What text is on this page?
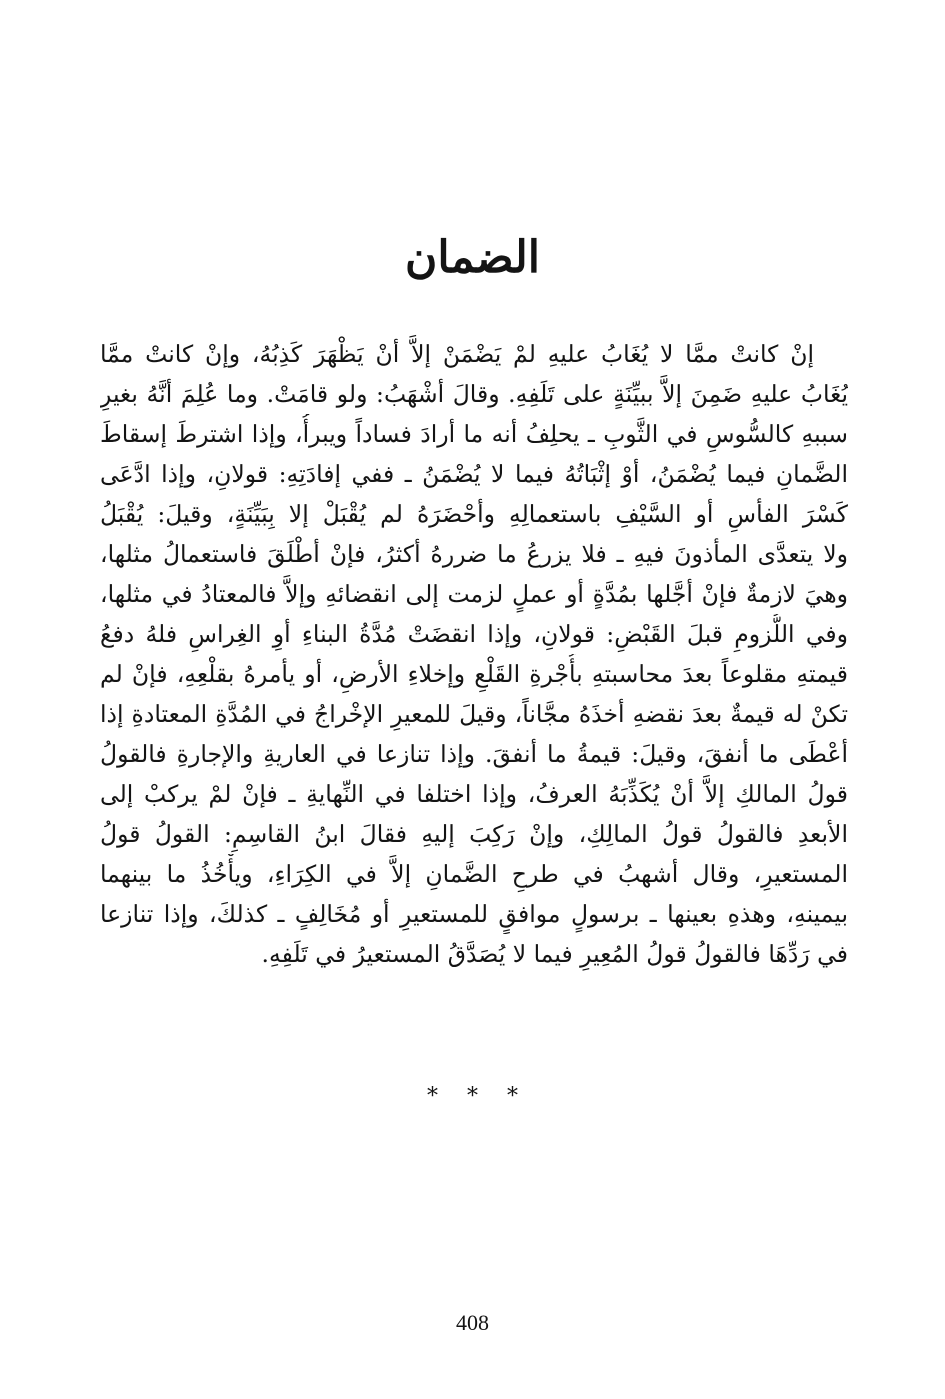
الضمان
إنْ كانتْ ممَّا لا يُغَابُ عليهِ لمْ يَضْمَنْ إلاَّ أنْ يَظْهَرَ كَذِبُهُ، وإنْ كانتْ ممَّا
يُغَابُ عليهِ ضَمِنَ إلاَّ ببيِّنَةٍ على تَلَفِهِ. وقالَ أشْهَبُ: ولو قامَتْ. وما عُلِمَ أنَّهُ بغيرِ
سببهِ كالسُّوسِ في الثَّوبِ ـ يحلِفُ أنه ما أرادَ فساداً ويبرأُ، وإذا اشترطَ إسقاطَ
الضَّمانِ فيما يُضْمَنُ، أوْ إثْبَاتُهُ فيما لا يُضْمَنُ ـ ففي إفادَتِهِ: قولانِ، وإذا ادَّعَى
كَسْرَ الفأسِ أو السَّيْفِ باستعمالِهِ وأحْضَرَهُ لم يُقْبَلْ إلا بِبَيِّنَةٍ، وقيلَ: يُقْبَلُ
ولا يتعدَّى المأذونَ فيهِ ـ فلا يزرعُ ما ضررهُ أكثرُ، فإنْ أطْلَقَ فاستعمالُ مثلها،
وهيَ لازمةٌ فإنْ أجَّلها بمُدَّةٍ أو عملٍ لزمت إلى انقضائهِ وإلاَّ فالمعتادُ في مثلها،
وفي اللُّزومِ قبلَ القَبْضِ: قولانِ، وإذا انقضَتْ مُدَّةُ البناءِ أوِ الغِراسِ فلهُ دفعُ
قيمتهِ مقلوعاً بعدَ محاسبتهِ بأُجْرةِ القَلْعِ وإخلاءِ الأرضِ، أو يأمرهُ بقلْعِهِ، فإنْ لم
تكنْ له قيمةٌ بعدَ نقضهِ أخذَهُ مجَّاناً، وقيلَ للمعيرِ الإخْراجُ في المُدَّةِ المعتادةِ إذا
أعْطَى ما أنفقَ، وقيلَ: قيمةُ ما أنفقَ. وإذا تنازعا في العاريةِ والإجارةِ فالقولُ
قولُ المالكِ إلاَّ أنْ يُكَذِّبَهُ العرفُ، وإذا اختلفا في النِّهايةِ ـ فإنْ لمْ يركبْ إلى
الأبعدِ فالقولُ قولُ المالِكِ، وإنْ رَكِبَ إليهِ فقالَ ابنُ القاسِمِ: القولُ قولُ
المستعيرِ، وقال أشهبُ في طرحِ الضَّمانِ إلاَّ في الكِرَاءِ، ويأْخُذُ ما بينهما
بيمينهِ، وهذهِ بعينها ـ برسولٍ موافقٍ للمستعيرِ أو مُخَالِفٍ ـ كذلكَ، وإذا تنازعا
في رَدِّهَا فالقولُ قولُ المُعِيرِ فيما لا يُصَدَّقُ المستعيرُ في تَلَفِهِ.
* * *
408
